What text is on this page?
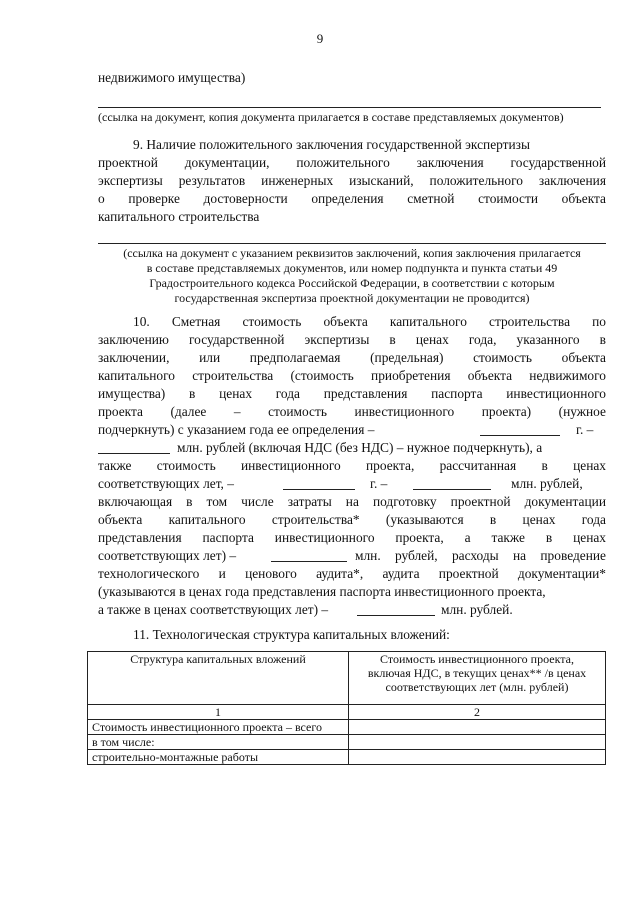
9
недвижимого имущества)
(ссылка на документ, копия документа прилагается в составе представляемых документов)
9. Наличие положительного заключения государственной экспертизы
проектной документации, положительного заключения государственной
экспертизы результатов инженерных изысканий, положительного заключения
о проверке достоверности определения сметной стоимости объекта
капитального строительства
(ссылка на документ с указанием реквизитов заключений, копия заключения прилагается
в составе представляемых документов, или номер подпункта и пункта статьи 49
Градостроительного кодекса Российской Федерации, в соответствии с которым
государственная экспертиза проектной документации не проводится)
10. Сметная стоимость объекта капитального строительства по
заключению государственной экспертизы в ценах года, указанного в
заключении, или предполагаемая (предельная) стоимость объекта
капитального строительства (стоимость приобретения объекта недвижимого
имущества) в ценах года представления паспорта инвестиционного
проекта (далее – стоимость инвестиционного проекта) (нужное
подчеркнуть) с указанием года ее определения –	г. –
млн. рублей (включая НДС (без НДС) – нужное подчеркнуть), а
также стоимость инвестиционного проекта, рассчитанная в ценах
соответствующих лет, –	г. –	млн. рублей,
включающая в том числе затраты на подготовку проектной документации
объекта капитального строительства* (указываются в ценах года
представления паспорта инвестиционного проекта, а также в ценах
соответствующих лет) –	млн. рублей, расходы на проведение
технологического и ценового аудита*, аудита проектной документации*
(указываются в ценах года представления паспорта инвестиционного проекта,
а также в ценах соответствующих лет) –	млн. рублей.
11. Технологическая структура капитальных вложений:
Структура капитальных вложений	Стоимость инвестиционного проекта,
включая НДС, в текущих ценах** /в ценах
соответствующих лет (млн. рублей)

1	2
Стоимость инвестиционного проекта – всего	
в том числе:	
строительно-монтажные работы	
